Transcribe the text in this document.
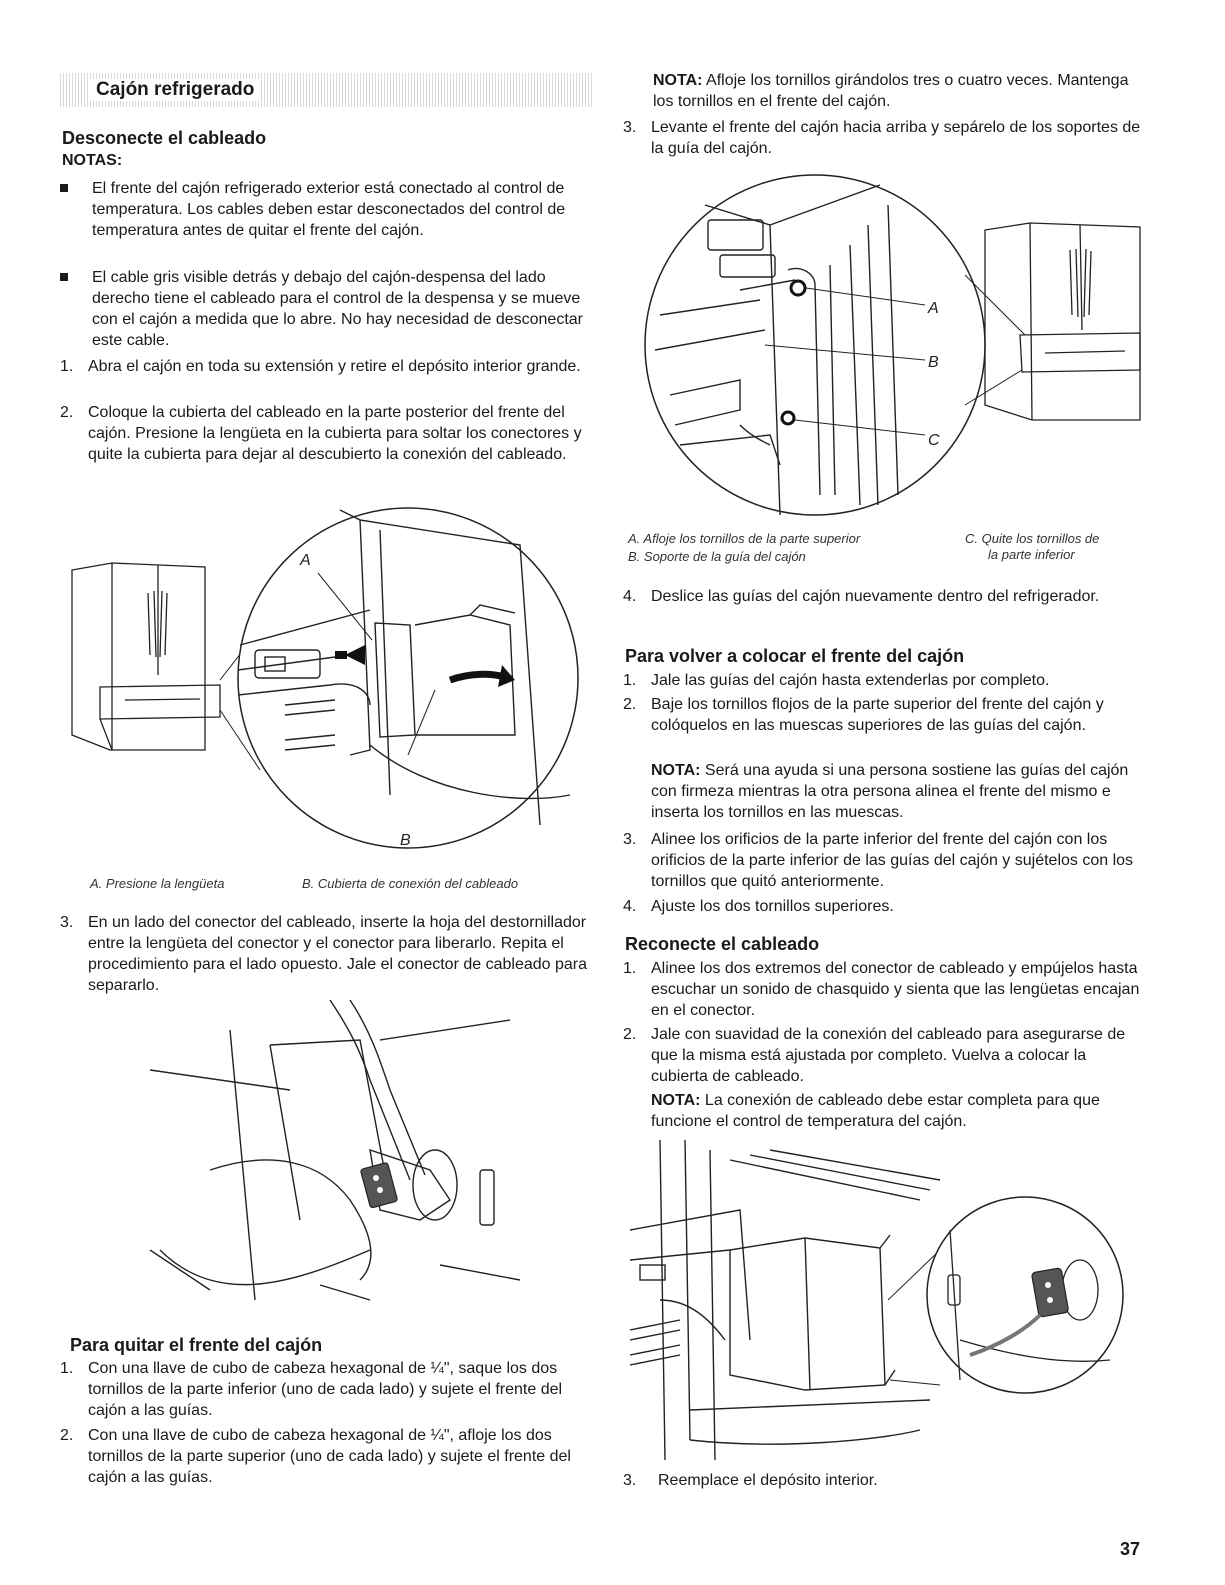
Cajón refrigerado
Desconecte el cableado
NOTAS:
El frente del cajón refrigerado exterior está conectado al control de temperatura. Los cables deben estar desconectados del control de temperatura antes de quitar el frente del cajón.
El cable gris visible detrás y debajo del cajón-despensa del lado derecho tiene el cableado para el control de la despensa y se mueve con el cajón a medida que lo abre. No hay necesidad de desconectar este cable.
1. Abra el cajón en toda su extensión y retire el depósito interior grande.
2. Coloque la cubierta del cableado en la parte posterior del frente del cajón. Presione la lengüeta en la cubierta para soltar los conectores y quite la cubierta para dejar al descubierto la conexión del cableado.
A
B
A. Presione la lengüeta	B. Cubierta de conexión del cableado
3. En un lado del conector del cableado, inserte la hoja del destornillador entre la lengüeta del conector y el conector para liberarlo. Repita el procedimiento para el lado opuesto. Jale el conector de cableado para separarlo.
Para quitar el frente del cajón
1. Con una llave de cubo de cabeza hexagonal de ¼", saque los dos tornillos de la parte inferior (uno de cada lado) y sujete el frente del cajón a las guías.
2. Con una llave de cubo de cabeza hexagonal de ¼", afloje los dos tornillos de la parte superior (uno de cada lado) y sujete el frente del cajón a las guías.
NOTA: Afloje los tornillos girándolos tres o cuatro veces. Mantenga los tornillos en el frente del cajón.
3. Levante el frente del cajón hacia arriba y sepárelo de los soportes de la guía del cajón.
A
B
C
A. Afloje los tornillos de la parte superior
B. Soporte de la guía del cajón
C. Quite los tornillos de
la parte inferior
4. Deslice las guías del cajón nuevamente dentro del refrigerador.
Para volver a colocar el frente del cajón
1. Jale las guías del cajón hasta extenderlas por completo.
2. Baje los tornillos flojos de la parte superior del frente del cajón y colóquelos en las muescas superiores de las guías del cajón.
NOTA: Será una ayuda si una persona sostiene las guías del cajón con firmeza mientras la otra persona alinea el frente del mismo e inserta los tornillos en las muescas.
3. Alinee los orificios de la parte inferior del frente del cajón con los orificios de la parte inferior de las guías del cajón y sujételos con los tornillos que quitó anteriormente.
4. Ajuste los dos tornillos superiores.
Reconecte el cableado
1. Alinee los dos extremos del conector de cableado y empújelos hasta escuchar un sonido de chasquido y sienta que las lengüetas encajan en el conector.
2. Jale con suavidad de la conexión del cableado para asegurarse de que la misma está ajustada por completo. Vuelva a colocar la cubierta de cableado.
NOTA: La conexión de cableado debe estar completa para que funcione el control de temperatura del cajón.
3.	Reemplace el depósito interior.
37
